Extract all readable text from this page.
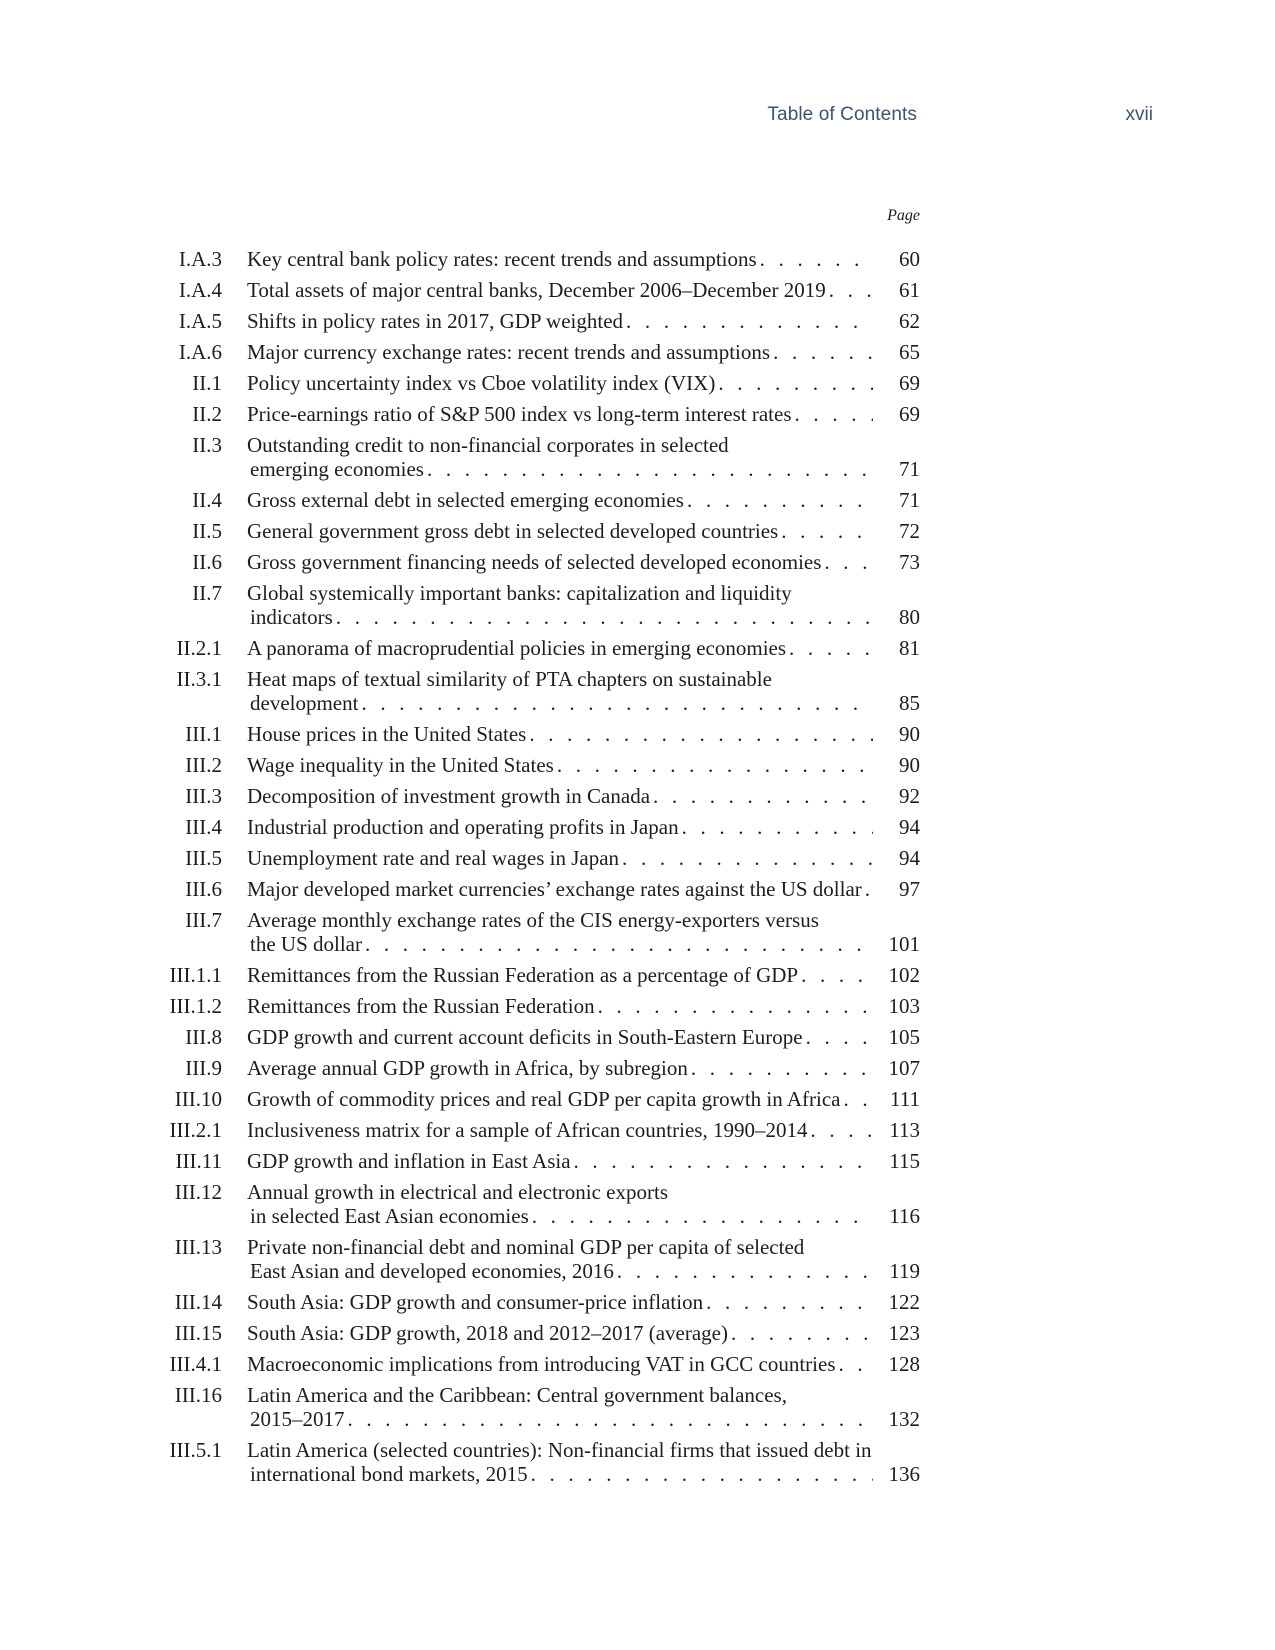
Table of Contents	xvii
Page
I.A.3 Key central bank policy rates: recent trends and assumptions . . .	60
I.A.4 Total assets of major central banks, December 2006–December 2019 . . .	61
I.A.5 Shifts in policy rates in 2017, GDP weighted . . .	62
I.A.6 Major currency exchange rates: recent trends and assumptions . . .	65
II.1 Policy uncertainty index vs Cboe volatility index (VIX) . . .	69
II.2 Price-earnings ratio of S&P 500 index vs long-term interest rates . . .	69
II.3 Outstanding credit to non-financial corporates in selected
emerging economies . . .	71
II.4 Gross external debt in selected emerging economies . . .	71
II.5 General government gross debt in selected developed countries . . .	72
II.6 Gross government financing needs of selected developed economies . . .	73
II.7 Global systemically important banks: capitalization and liquidity
indicators . . .	80
II.2.1 A panorama of macroprudential policies in emerging economies . . .	81
II.3.1 Heat maps of textual similarity of PTA chapters on sustainable
development . . .	85
III.1 House prices in the United States . . .	90
III.2 Wage inequality in the United States . . .	90
III.3 Decomposition of investment growth in Canada . . .	92
III.4 Industrial production and operating profits in Japan . . .	94
III.5 Unemployment rate and real wages in Japan . . .	94
III.6 Major developed market currencies’ exchange rates against the US dollar . . .	97
III.7 Average monthly exchange rates of the CIS energy-exporters versus
the US dollar . . .	101
III.1.1 Remittances from the Russian Federation as a percentage of GDP . . .	102
III.1.2 Remittances from the Russian Federation . . .	103
III.8 GDP growth and current account deficits in South-Eastern Europe . . .	105
III.9 Average annual GDP growth in Africa, by subregion . . .	107
III.10 Growth of commodity prices and real GDP per capita growth in Africa . . .	111
III.2.1 Inclusiveness matrix for a sample of African countries, 1990–2014 . . .	113
III.11 GDP growth and inflation in East Asia . . .	115
III.12 Annual growth in electrical and electronic exports
in selected East Asian economies . . .	116
III.13 Private non-financial debt and nominal GDP per capita of selected
East Asian and developed economies, 2016 . . .	119
III.14 South Asia: GDP growth and consumer-price inflation . . .	122
III.15 South Asia: GDP growth, 2018 and 2012–2017 (average) . . .	123
III.4.1 Macroeconomic implications from introducing VAT in GCC countries . . .	128
III.16 Latin America and the Caribbean: Central government balances,
2015–2017 . . .	132
III.5.1 Latin America (selected countries): Non-financial firms that issued debt in
international bond markets, 2015 . . .	136
